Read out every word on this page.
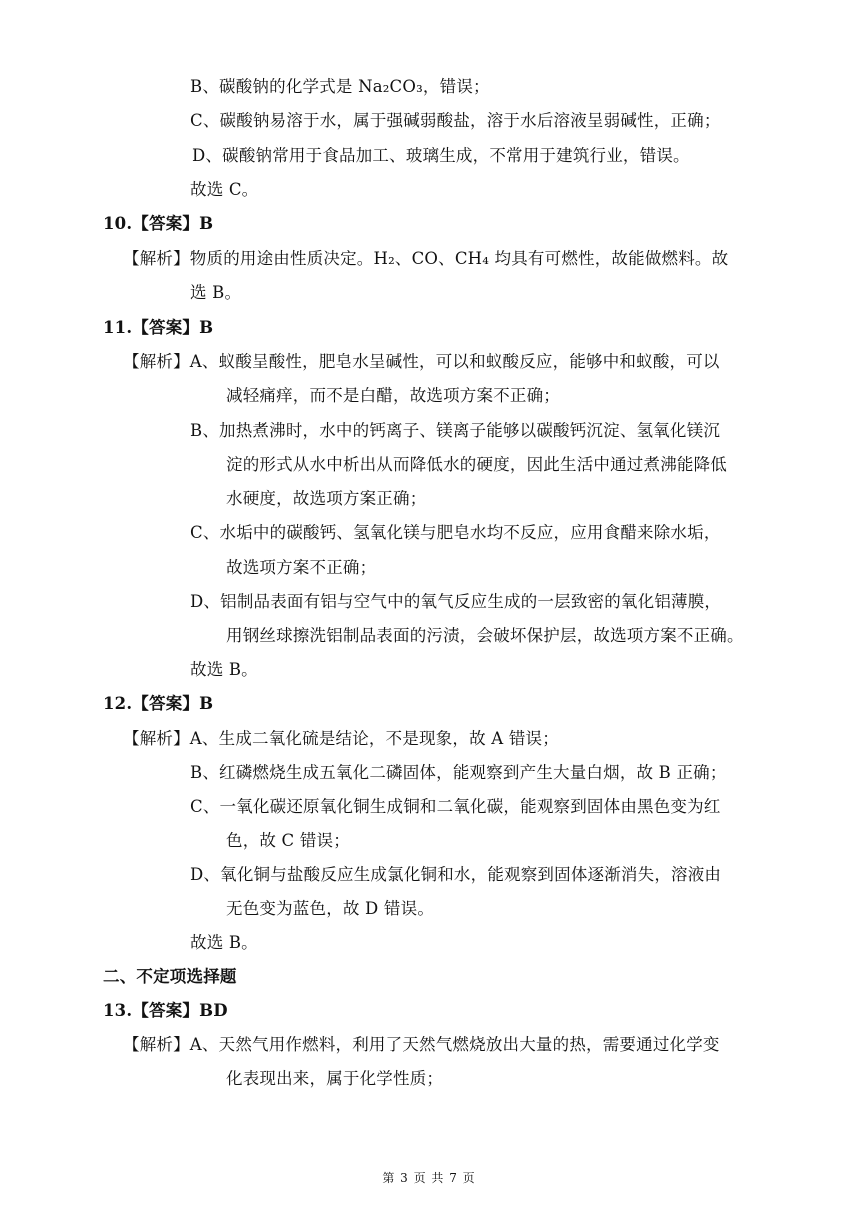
B、碳酸钠的化学式是 Na₂CO₃，错误；

C、碳酸钠易溶于水，属于强碱弱酸盐，溶于水后溶液呈弱碱性，正确；

D、碳酸钠常用于食品加工、玻璃生成，不常用于建筑行业，错误。

故选 C。

10.【答案】B

【解析】物质的用途由性质决定。H₂、CO、CH₄ 均具有可燃性，故能做燃料。故

选 B。

11.【答案】B

【解析】A、蚁酸呈酸性，肥皂水呈碱性，可以和蚁酸反应，能够中和蚁酸，可以

减轻痛痒，而不是白醋，故选项方案不正确；

B、加热煮沸时，水中的钙离子、镁离子能够以碳酸钙沉淀、氢氧化镁沉

淀的形式从水中析出从而降低水的硬度，因此生活中通过煮沸能降低

水硬度，故选项方案正确；

C、水垢中的碳酸钙、氢氧化镁与肥皂水均不反应，应用食醋来除水垢，

故选项方案不正确；

D、铝制品表面有铝与空气中的氧气反应生成的一层致密的氧化铝薄膜，

用钢丝球擦洗铝制品表面的污渍，会破坏保护层，故选项方案不正确。

故选 B。

12.【答案】B

【解析】A、生成二氧化硫是结论，不是现象，故 A 错误；

B、红磷燃烧生成五氧化二磷固体，能观察到产生大量白烟，故 B 正确；

C、一氧化碳还原氧化铜生成铜和二氧化碳，能观察到固体由黑色变为红

色，故 C 错误；

D、氧化铜与盐酸反应生成氯化铜和水，能观察到固体逐渐消失，溶液由

无色变为蓝色，故 D 错误。

故选 B。

二、不定项选择题

13.【答案】BD

【解析】A、天然气用作燃料，利用了天然气燃烧放出大量的热，需要通过化学变

化表现出来，属于化学性质；

第 3 页 共 7 页
